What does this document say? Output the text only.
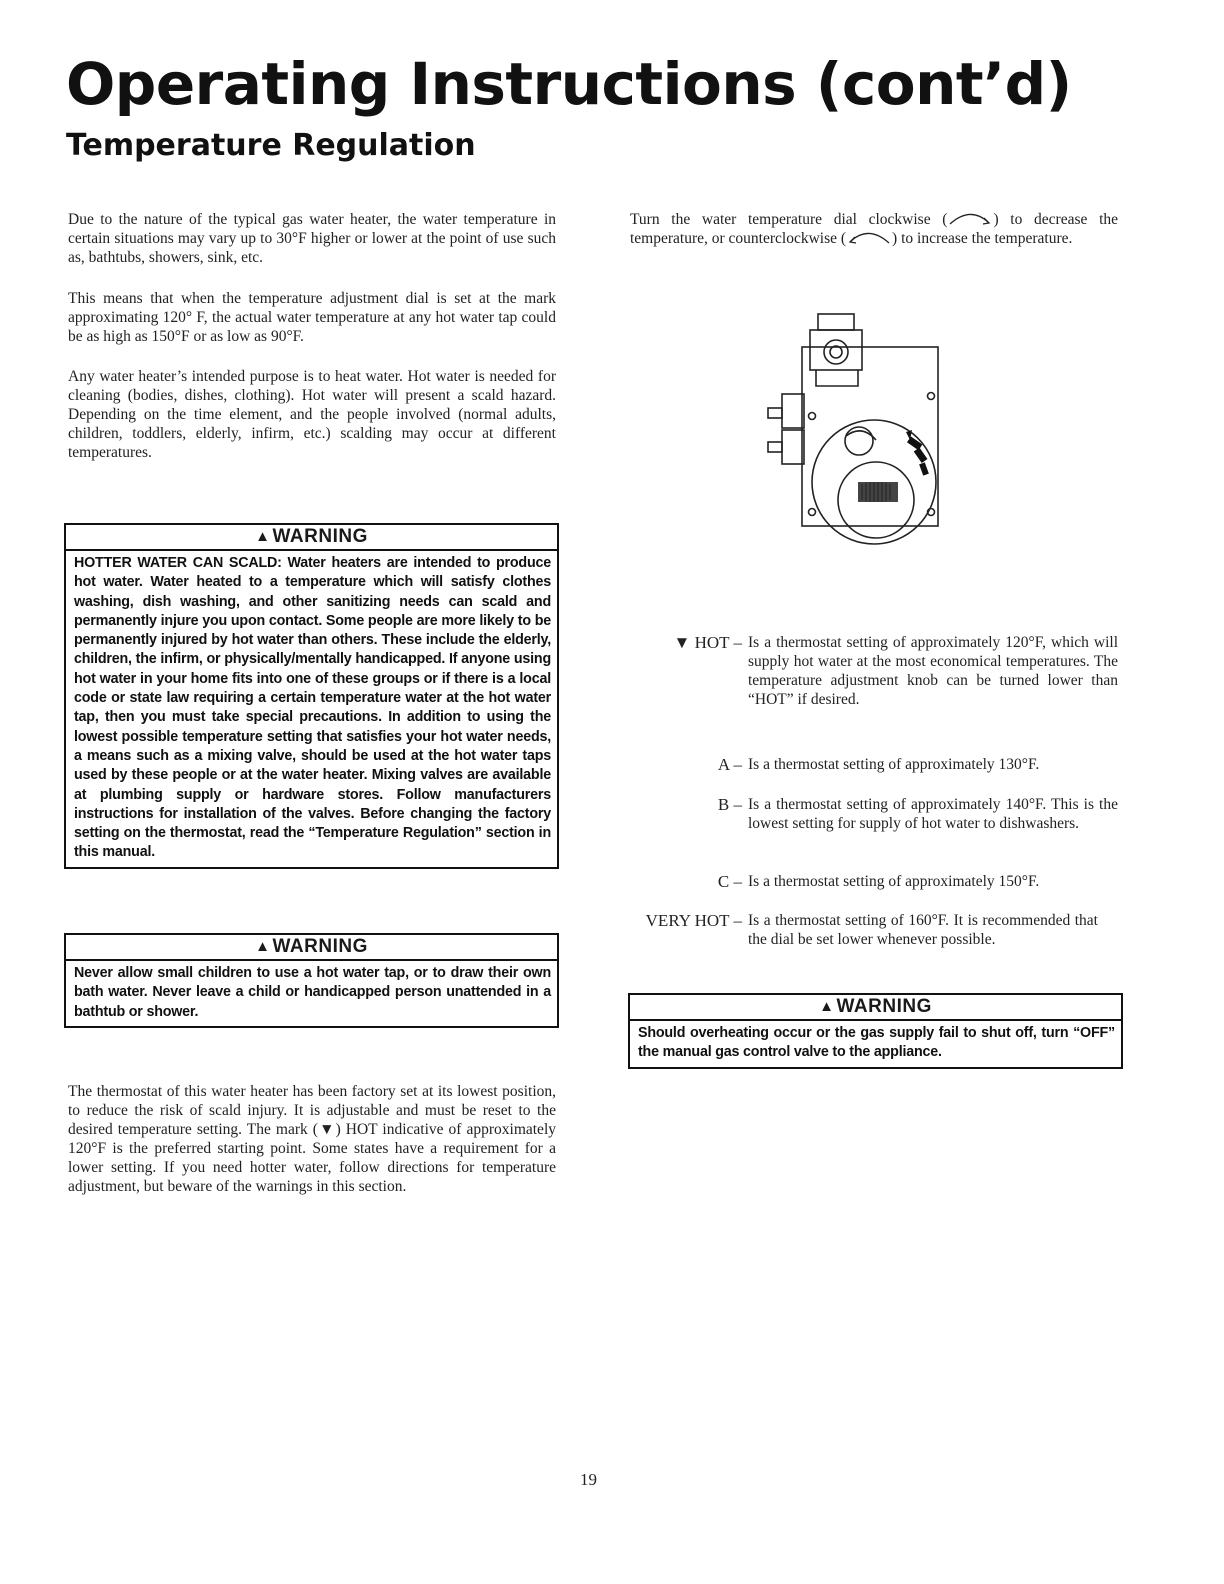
Operating Instructions (cont’d)
Temperature Regulation

Due to the nature of the typical gas water heater, the water temperature in certain situations may vary up to 30°F higher or lower at the point of use such as, bathtubs, showers, sink, etc.

This means that when the temperature adjustment dial is set at the mark approximating 120° F, the actual water temperature at any hot water tap could be as high as 150°F or as low as 90°F.

Any water heater’s intended purpose is to heat water. Hot water is needed for cleaning (bodies, dishes, clothing). Hot water will present a scald hazard. Depending on the time element, and the people involved (normal adults, children, toddlers, elderly, infirm, etc.) scalding may occur at different temperatures.

▲ WARNING

HOTTER WATER CAN SCALD: Water heaters are intended to produce hot water. Water heated to a temperature which will satisfy clothes washing, dish washing, and other sanitizing needs can scald and permanently injure you upon contact. Some people are more likely to be permanently injured by hot water than others. These include the elderly, children, the infirm, or physically/mentally handicapped. If anyone using hot water in your home fits into one of these groups or if there is a local code or state law requiring a certain temperature water at the hot water tap, then you must take special precautions. In addition to using the lowest possible temperature setting that satisfies your hot water needs, a means such as a mixing valve, should be used at the hot water taps used by these people or at the water heater. Mixing valves are available at plumbing supply or hardware stores. Follow manufacturers instructions for installation of the valves. Before changing the factory setting on the thermostat, read the “Temperature Regulation” section in this manual.

▲ WARNING

Never allow small children to use a hot water tap, or to draw their own bath water. Never leave a child or handicapped person unattended in a bathtub or shower.

The thermostat of this water heater has been factory set at its lowest position, to reduce the risk of scald injury. It is adjustable and must be reset to the desired temperature setting. The mark (▼) HOT indicative of approximately 120°F is the preferred starting point. Some states have a requirement for a lower setting. If you need hotter water, follow directions for temperature adjustment, but beware of the warnings in this section.

Turn the water temperature dial clockwise (	) to decrease the temperature, or counterclockwise (	) to increase the temperature.

▼ HOT – Is a thermostat setting of approximately 120°F, which will supply hot water at the most economical temperatures. The temperature adjustment knob can be turned lower than “HOT” if desired.

A – Is a thermostat setting of approximately 130°F.

B – Is a thermostat setting of approximately 140°F. This is the lowest setting for supply of hot water to dishwashers.

C – Is a thermostat setting of approximately 150°F.

VERY HOT – Is a thermostat setting of 160°F. It is recommended that the dial be set lower whenever possible.

▲ WARNING

Should overheating occur or the gas supply fail to shut off, turn “OFF” the manual gas control valve to the appliance.

19
